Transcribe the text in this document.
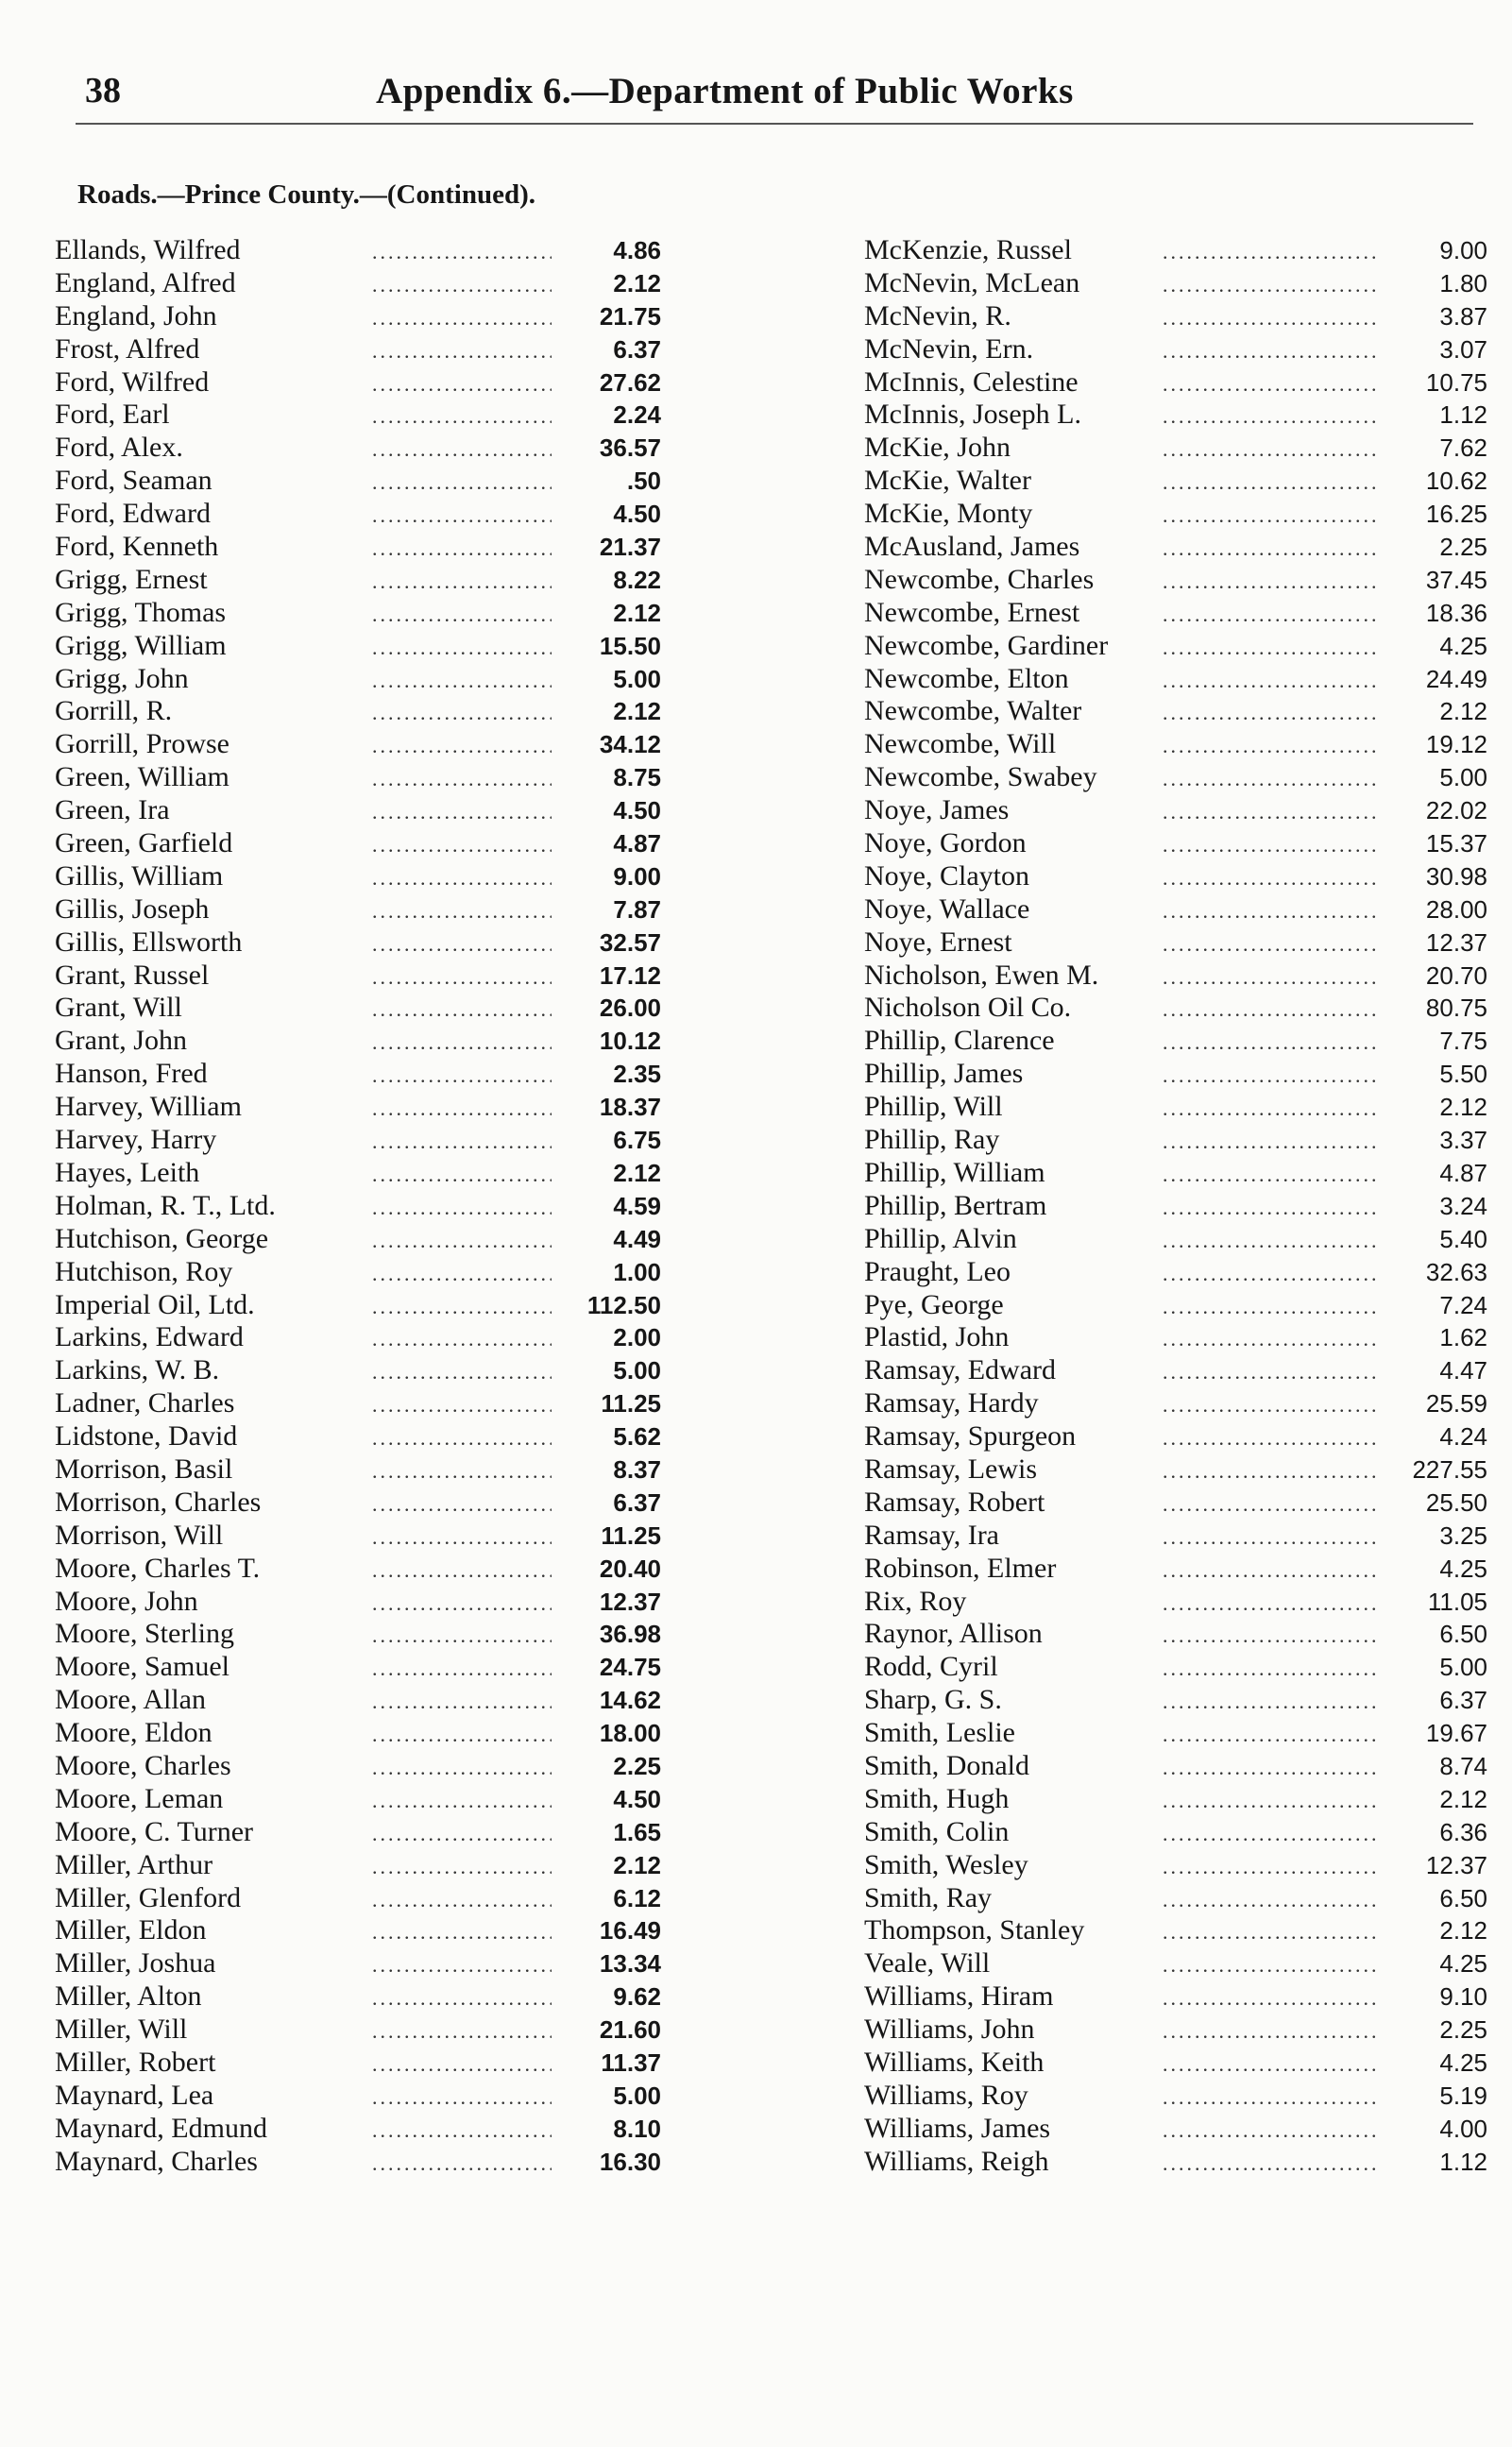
38	Appendix 6.—Department of Public Works
Roads.—Prince County.—(Continued).
Ellands, Wilfred .....	4.86
England, Alfred .....	2.12
England, John .....	21.75
Frost, Alfred .....	6.37
Ford, Wilfred .....	27.62
Ford, Earl .....	2.24
Ford, Alex. .....	36.57
Ford, Seaman .....	.50
Ford, Edward .....	4.50
Ford, Kenneth .....	21.37
Grigg, Ernest .....	8.22
Grigg, Thomas .....	2.12
Grigg, William .....	15.50
Grigg, John .....	5.00
Gorrill, R. .....	2.12
Gorrill, Prowse .....	34.12
Green, William .....	8.75
Green, Ira .....	4.50
Green, Garfield .....	4.87
Gillis, William .....	9.00
Gillis, Joseph .....	7.87
Gillis, Ellsworth .....	32.57
Grant, Russel .....	17.12
Grant, Will .....	26.00
Grant, John .....	10.12
Hanson, Fred .....	2.35
Harvey, William .....	18.37
Harvey, Harry .....	6.75
Hayes, Leith .....	2.12
Holman, R. T., Ltd. .....	4.59
Hutchison, George .....	4.49
Hutchison, Roy .....	1.00
Imperial Oil, Ltd. .....	112.50
Larkins, Edward .....	2.00
Larkins, W. B. .....	5.00
Ladner, Charles .....	11.25
Lidstone, David .....	5.62
Morrison, Basil .....	8.37
Morrison, Charles .....	6.37
Morrison, Will .....	11.25
Moore, Charles T. .....	20.40
Moore, John .....	12.37
Moore, Sterling .....	36.98
Moore, Samuel .....	24.75
Moore, Allan .....	14.62
Moore, Eldon .....	18.00
Moore, Charles .....	2.25
Moore, Leman .....	4.50
Moore, C. Turner .....	1.65
Miller, Arthur .....	2.12
Miller, Glenford .....	6.12
Miller, Eldon .....	16.49
Miller, Joshua .....	13.34
Miller, Alton .....	9.62
Miller, Will .....	21.60
Miller, Robert .....	11.37
Maynard, Lea .....	5.00
Maynard, Edmund .....	8.10
Maynard, Charles .....	16.30
McKenzie, Russel .....	9.00
McNevin, McLean .....	1.80
McNevin, R. .....	3.87
McNevin, Ern. .....	3.07
McInnis, Celestine .....	10.75
McInnis, Joseph L. .....	1.12
McKie, John .....	7.62
McKie, Walter .....	10.62
McKie, Monty .....	16.25
McAusland, James .....	2.25
Newcombe, Charles .....	37.45
Newcombe, Ernest .....	18.36
Newcombe, Gardiner .....	4.25
Newcombe, Elton .....	24.49
Newcombe, Walter .....	2.12
Newcombe, Will .....	19.12
Newcombe, Swabey .....	5.00
Noye, James .....	22.02
Noye, Gordon .....	15.37
Noye, Clayton .....	30.98
Noye, Wallace .....	28.00
Noye, Ernest .....	12.37
Nicholson, Ewen M. .....	20.70
Nicholson Oil Co. .....	80.75
Phillip, Clarence .....	7.75
Phillip, James .....	5.50
Phillip, Will .....	2.12
Phillip, Ray .....	3.37
Phillip, William .....	4.87
Phillip, Bertram .....	3.24
Phillip, Alvin .....	5.40
Praught, Leo .....	32.63
Pye, George .....	7.24
Plastid, John .....	1.62
Ramsay, Edward .....	4.47
Ramsay, Hardy .....	25.59
Ramsay, Spurgeon .....	4.24
Ramsay, Lewis .....	227.55
Ramsay, Robert .....	25.50
Ramsay, Ira .....	3.25
Robinson, Elmer .....	4.25
Rix, Roy .....	11.05
Raynor, Allison .....	6.50
Rodd, Cyril .....	5.00
Sharp, G. S. .....	6.37
Smith, Leslie .....	19.67
Smith, Donald .....	8.74
Smith, Hugh .....	2.12
Smith, Colin .....	6.36
Smith, Wesley .....	12.37
Smith, Ray .....	6.50
Thompson, Stanley .....	2.12
Veale, Will .....	4.25
Williams, Hiram .....	9.10
Williams, John .....	2.25
Williams, Keith .....	4.25
Williams, Roy .....	5.19
Williams, James .....	4.00
Williams, Reigh .....	1.12
